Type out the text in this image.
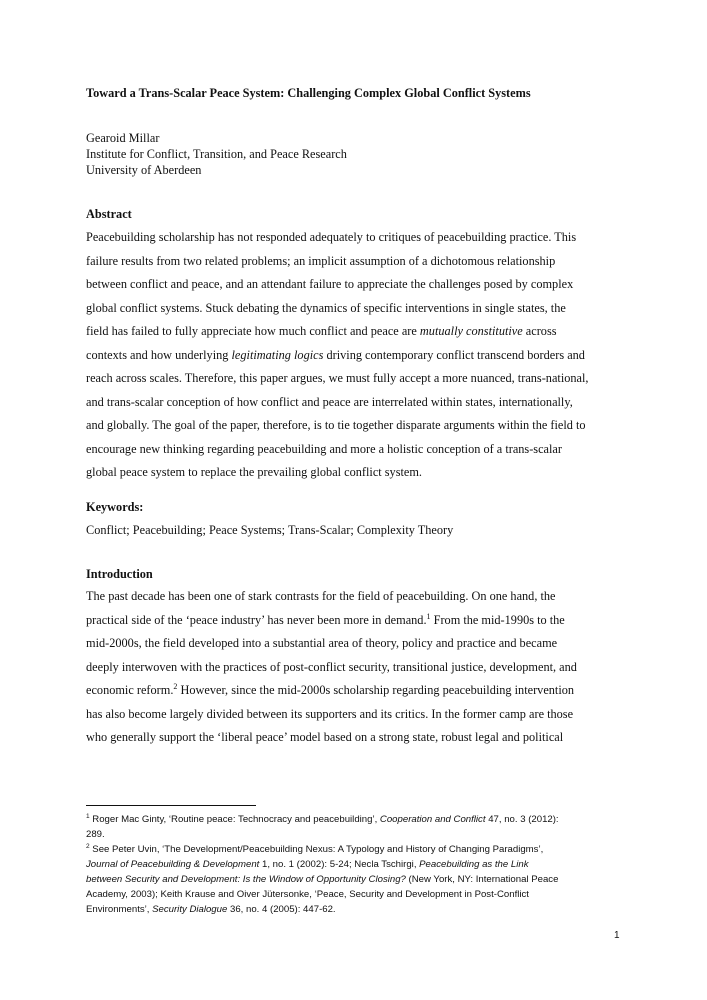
Toward a Trans-Scalar Peace System: Challenging Complex Global Conflict Systems
Gearoid Millar
Institute for Conflict, Transition, and Peace Research
University of Aberdeen
Abstract
Peacebuilding scholarship has not responded adequately to critiques of peacebuilding practice. This
failure results from two related problems; an implicit assumption of a dichotomous relationship
between conflict and peace, and an attendant failure to appreciate the challenges posed by complex
global conflict systems. Stuck debating the dynamics of specific interventions in single states, the
field has failed to fully appreciate how much conflict and peace are mutually constitutive across
contexts and how underlying legitimating logics driving contemporary conflict transcend borders and
reach across scales. Therefore, this paper argues, we must fully accept a more nuanced, trans-national,
and trans-scalar conception of how conflict and peace are interrelated within states, internationally,
and globally. The goal of the paper, therefore, is to tie together disparate arguments within the field to
encourage new thinking regarding peacebuilding and more a holistic conception of a trans-scalar
global peace system to replace the prevailing global conflict system.
Keywords:
Conflict; Peacebuilding; Peace Systems; Trans-Scalar; Complexity Theory
Introduction
The past decade has been one of stark contrasts for the field of peacebuilding. On one hand, the
practical side of the ‘peace industry’ has never been more in demand.$^1$ From the mid-1990s to the
mid-2000s, the field developed into a substantial area of theory, policy and practice and became
deeply interwoven with the practices of post-conflict security, transitional justice, development, and
economic reform.$^2$ However, since the mid-2000s scholarship regarding peacebuilding intervention
has also become largely divided between its supporters and its critics. In the former camp are those
who generally support the ‘liberal peace’ model based on a strong state, robust legal and political
$^1$ Roger Mac Ginty, ‘Routine peace: Technocracy and peacebuilding’, Cooperation and Conflict 47, no. 3 (2012):
289.
$^2$ See Peter Uvin, ‘The Development/Peacebuilding Nexus: A Typology and History of Changing Paradigms’,
Journal of Peacebuilding & Development 1, no. 1 (2002): 5-24; Necla Tschirgi, Peacebuilding as the Link
between Security and Development: Is the Window of Opportunity Closing? (New York, NY: International Peace
Academy, 2003); Keith Krause and Oiver Jütersonke, ‘Peace, Security and Development in Post-Conflict
Environments’, Security Dialogue 36, no. 4 (2005): 447-62.
1
